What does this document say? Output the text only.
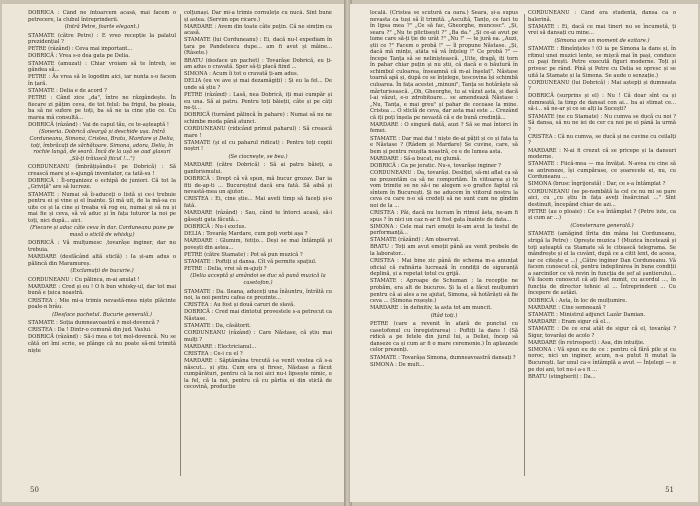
DOBRICĂ : Când ne întoarcem acasă, mai facem o petrecere, la clubul întreprinderii.

(Intră Petre, foarte elegant.)

STAMATE (către Petre) : E vreo recepție la palatul prezidențial ?

PETRE (râzând) : Ceva mai important...

DOBRICĂ : Vrea s-o dea gata pe Delia.

STAMATE (amuzat) : Chiar vroiam să te întreb, se gândea să...

PETRE : Ăs vrea să le logodim aici, iar nunta s-o facem în țară.

STAMATE : Delia e de acord ?

PETRE : Când zice „da", între ne răzgândește. În fiecare zi pățim ceva, de tot felul: ba frigul, ba ploaia, ba să ne sufere pe toți, ba să ne ia cine știe ce. Cu marea mă consultă...

DOBRICĂ (râzând) : Vai de capul tău, ce te-așteaptă !

(Soneria. Dobrică aleargă și deschide ușa. Intră Corduneanu, Simona, Cristea, Bratu, Mardare și Delia, toți, îmbrăcați de sărbătoare. Simona, adora, Delia, în rochie lungă, de seară. Încă de la ușă se aud glasuri „Să-ți trăiască fiicul !...")

CORDUNEANU (îmbrățișându-l pe Dobrică) : Să crească mare și s-ajungă inventator, ca tată-su !

DOBRICĂ : Îl-organizez o echipă de juniori. Că tot la „Griviță" are să lucreze.

STAMATE : Numai să îi-aduceți o listă și ce-i trebuie pentru ei și vine și el înainte. Și mă uit, de la mă-sa cu uite ce și la cine și treaba vă rog eu, numai și să nu și mai fie și ceva, să vă aduc și în fața tuturor la noi pe toți, nici după... aici.

(Fiecare și aduc câte ceva în dar. Corduneanu pune pe masă o sticlă de whisky.)

DOBRICĂ : Vă mulțumesc ,tovarășe inginer, dar nu trebuia.

MARDARE (desfăcând altă sticlă) : Ia și-am adus o pălincă din Maramureș.

(Exclamații de bucurie.)

CORDUNEANU : Cu pălinca, m-ai anulat !

MARDARE : Cred și eu ! O h bun whisky-ul, dar tot mai bună e țuica noastră.

CRISTEA : Mie mi-a trimis nevastă-mea niște plăcinte poale-n brâu.

(Desface pachetul. Bucurie generală.)

STAMATE : Soția dumneavoastră e mol-dovencă ?

CRISTEA : Da ! Dintr-o comună din jud. Vaslui.

DOBRICĂ (râzând) : Să-i mea e tot mol-dovencă. Nu se cătă ori îmi scrie, se plânge că nu poate să-mi trimită niște

colțunași. Dar mi-a trimis cornulețe cu nucă. Sînt bune și astea. (Servim ope ricare.)

MARDARE : Avem din toate câte puțin. Că ne simțim ca acasă.

STAMATE (lui Corduneanu) : Ei, dacă nu-l expediam în țara pe Pandelescu dupe... am fi avut și mâine... (Râsete.)

BRATU (desface un pachet) : Tovarășe Dobrică, eu ți-am adus o cravată. Sper să-ți placă fiind ...

SIMONA : Acum îi tot o cravată ți-am adus.

DELIA (eu ve ave și mai dezamăgiți) : Și eu la fel... De unde să știu ?

PETRE (râzând) : Lasă, nea Dobrică, iți mai cumpăr și eu una. Să ai patru. Pentru toți băieții, câte și pe câți ne-ți...

DOBRICĂ (turnând pălincă în pahare) : Numai să nu ne schimbe moda până atunci.

CORDUNEANU (ridicând primul paharul) : Să crească mare !

STAMATE (și el cu paharul ridicat) : Pentru toți copiii noștri !

(Se ciocnește, se bea.)

MARDARE (către Dobrică) : Să ai patru băieți, a ganforismului.

DOBRICĂ : Drept că vă spun, mă bucur grozav. Dar ia fiti de-ap-ti ... Bucureștiul dacă era fată. Să aibă și nevastă-mea un ajutor.

CRISTEA : Ei, cine știe... Mai aveti timp să faceți și-o fată.

MARDARE (râzând) : Sau, când te întorci acasă, să-i găsești gata făcută...

DOBRICĂ : Nu-i exclus.

DELIA : Tovarăș Mardare, cum poți vorbi așa ?

MARDARE : Glumim, fetițo... Deși se mai întâmplă și povești din astea...

PETRE (către Stamate) : Pot să pun muzică ?

STAMATE : Poftiți și dansa. Cît vă permite spațiul.

PETRE : Delia, vrei să m-ajuți ?

(Delia acceptă și amândoi se duc să pună muzică la casetofon.)

STAMATE : Da. Ileana, aduceți una înăuntru, întrătă cu noi, la noi pentru cafea ce prezinte...

CRISTEA : Au fost și două caruri de slavă.

DOBRICĂ : Cred mai dintotul provestele s-a petrecut ca Năstase.

STAMATE : Da, căsătorit.

CORDUNEANU (râzând) : Care Năstase, că știu mai mulți ?

MARDARE : Electricianul...

CRISTEA : Ce-i cu el ?

MARDARE : Săptămâna trecută i-a venit vestea că s-a născut... și știu. Cum era și firesc, Năstase a făcut cumpărături, pentru că la noi aici nu-i lipsește nimic, e la fel, că la noi, pentru că cu pârtia ei din sticlă de cecovină, producție

50

locală. (Cristea se scutură ca oara.) Seara, și-a supus nevasta ca tuși să îl trimită. „Ascultă, Tanțo, ce faci tu în lipsa mea ?" „Ce să fac, Gheorghe, muncesc". „Și, seara ?" „Nu te plictisești ?" „Ba da." „Și ce-ai avut pe lume care să-ți ție de urât ?" „Nu !" — te jură ea. „Auzi, știi ce ?" Facem o probă !" — îl propune Năstase. „Și, dacă mă mințe, atâta vă vă înțeleg !" Ce probă ?" — începe Tanța să se neliniștească. „Uite, dragă, iți torn în pahar chiar puțin și nu știi, că dacă e o băutură în schimbul culoarea, înseamnă că m-ai înșelat". Năstase toarnă apă și, după ce se înțelege, tescovina își schimbă culoarea. În fața acestei „minuni", Tanța se hotărăște să mărturisească. „Oh, Gheorghe, tu ai văzut asta, și dacă l-ai văzut, e-o zdrobitoare... se amendează Năstase : „Nu, Tanța, e mai greu" și pahar de cocoase la mine. Cristea ... O sticlă de ceva, dar asta mai este ... Crezând că iți poți înșela pe nevastă că e de bună credință...

MARDARE : O singură dată, auzi ? Să se mai întorci în femei.

STAMATE : Dar mai dai ! niște de-ai pățit și ce și fata ta e Năstase ? (Râdem și Mardare) Se cuvine, care, să bem și pentru reușita noastră, ce e de lumea asta.

MARDARE : Să-a bucat, nu glumă.

DOBRICĂ : Ca pe jeratic. Nu-s, tovarășe inginer ?

CORDUNEANU : Da, tovarăși. Deslițel, să-mi aflat ca să ne prezentăm ca să ne comportăm. În viitoarea și te vom trimite se ne să-i ne alegem s-o grafice faptul că sîntem în București. Și ne aducem în viitorul nostru la ceva cu care n-o să credeți să ne sunt cum ne gîndim noi de la ...

CRISTEA : Păi, dacă nu lucram în ritmul ăsta, ne-am fi spus ? în nici un caz n-ar fi fost gata înainte de data...

SIMONA : Cele mai rari emoții le-am avut la testul de performanță...

STAMATE (râzând) : Am observat.

BRATU : Toți am avut emoții până au venit probele de la laborator...

CRISTEA : Mai bine zic până de schema m-a anunțat oficial că rafinăria lucrează în condiții de siguranță deplină, și a repetat totul cu grijă.

STAMATE : Aproape de Schuman ; la recepție ne probăm, era alt de bucuros. Și la el a făcut mulțumiri pentru că ai ales a ne ajutat, Simona, să hotărăști să fie ceva ... (Simona roșește.)

MARDARE : în definitiv, la asta tot am muncit.

(Râd toți.)

PETRE (care a revenit în afară de punctul cu casetofonul cu înregistrarea) : Poftiți la dans ! (Să ridică a pe fetele din jurul lui, a Deliei, încep să danseze ca și cum ar fi o mare ceremonie.) În aplauzele celor prezenți.

STAMATE : Tovarășa Simona, dumneavoastră dansați ?

SIMONA : De mult...

CORDUNEANU : Când era studentă, dansa ca o balerină.

STAMATE : Ei, dacă ce mai tineri nu se încumetă, ți vrei să dansați cu mine...

(Simona are un moment de ezitare.)

STAMATE : Bineînțeles ! (O ia pe Simona la dans și, în ritmul unei muzici lente, se mișcă mai în pași, conduce cu pași firești. Petre execută figuri moderne. Toți și privesc pe rând. Pînă și Petre cu Delia se opresc și se uită la Stamate și la Simona. Se aude o senzație.)

CORDUNEANU (lui Dobrică) : Mai aștepți și dumneata ?

DOBRICĂ (surprins și el) : Nu ! Că doar sînt ca și dumneată, la timp de dansat con ai... ba ai stimat ce... să-i... să ne-ar și ce se alți la Sucești?

STAMATE (ne cu Stamate) : Nu cumva se ducă cu noi ? Să dansa, să nu ne iei de cer cu noi pe ei până la urmă ?

CRISTEA : Că nu cumva, se ducă și ne cuvine cu ceilalți ?

MARDARE : N-ai fi crezut că se pricepe și la dansuri moderne.

STAMATE : Fiică-mea — ma învățat. N-avea cu cine să se antreneze, își cumpărase, ce șoarecele ei, nu, cu Corduneanu ...

SIMONA (brusc îngrijorată) : Dar, ce s-a întâmplat ?

CORDUNEANU (se pe-nsmbătă la cel ce nu mi se pare aici, cu „cu știu în fața aveți însărcinat ..." Sînt destinuit, începând chiar de azi...

PETRE (au o ploaie) : Ce s-a întâmplat ? (Petre iute, ca și cum ar ...)

(Consternare generală.)

STAMATE (amăgind lîrita din mâna lui Corduneanu, strigă la Petre) : Oprește muzica ! (Muzica încetează și toți așteaptă ca Stamate să le citească telegrama. Se mândrește și el la cuvânt, după ce a citit lent, de aceea, iar ce citește e ...) „Către inginer Dan Corduneanu. Vă facem cunoscut că, pentru îndeplinirea în bune condiții a sarcinilor ce vă revin în funcția de șef al șantierului... Vă facem cunoscut că ați fost numit, cu acordul ..., în funcția de director tehnic al ... Întreprinderii ... Cu începere de astăzi.

DOBRICĂ : Asta, în loc de mulțumire.

MARDARE : Cine semnează ?

STAMATE : Ministrul adjunct Lazăr Damian.

MARDARE : Eram sigur că el...

STAMATE : De ce erai atât de sigur că el, tovarăși ? Sigur, tovarăși de acolo ?

MARDARE (în retrospect) : Asa, din intuiție.

SIMONA : Vă spun eu de ce : pentru că fără pile și cu noroc, nici un inginer, acum, n-a putut fi mutat la București. Iar unul ca-s întâmplă a avut — Înțelegi — e pe doi ani, tot nu-i a-s fi ...

BRATU (stingherit) : Da...

51
